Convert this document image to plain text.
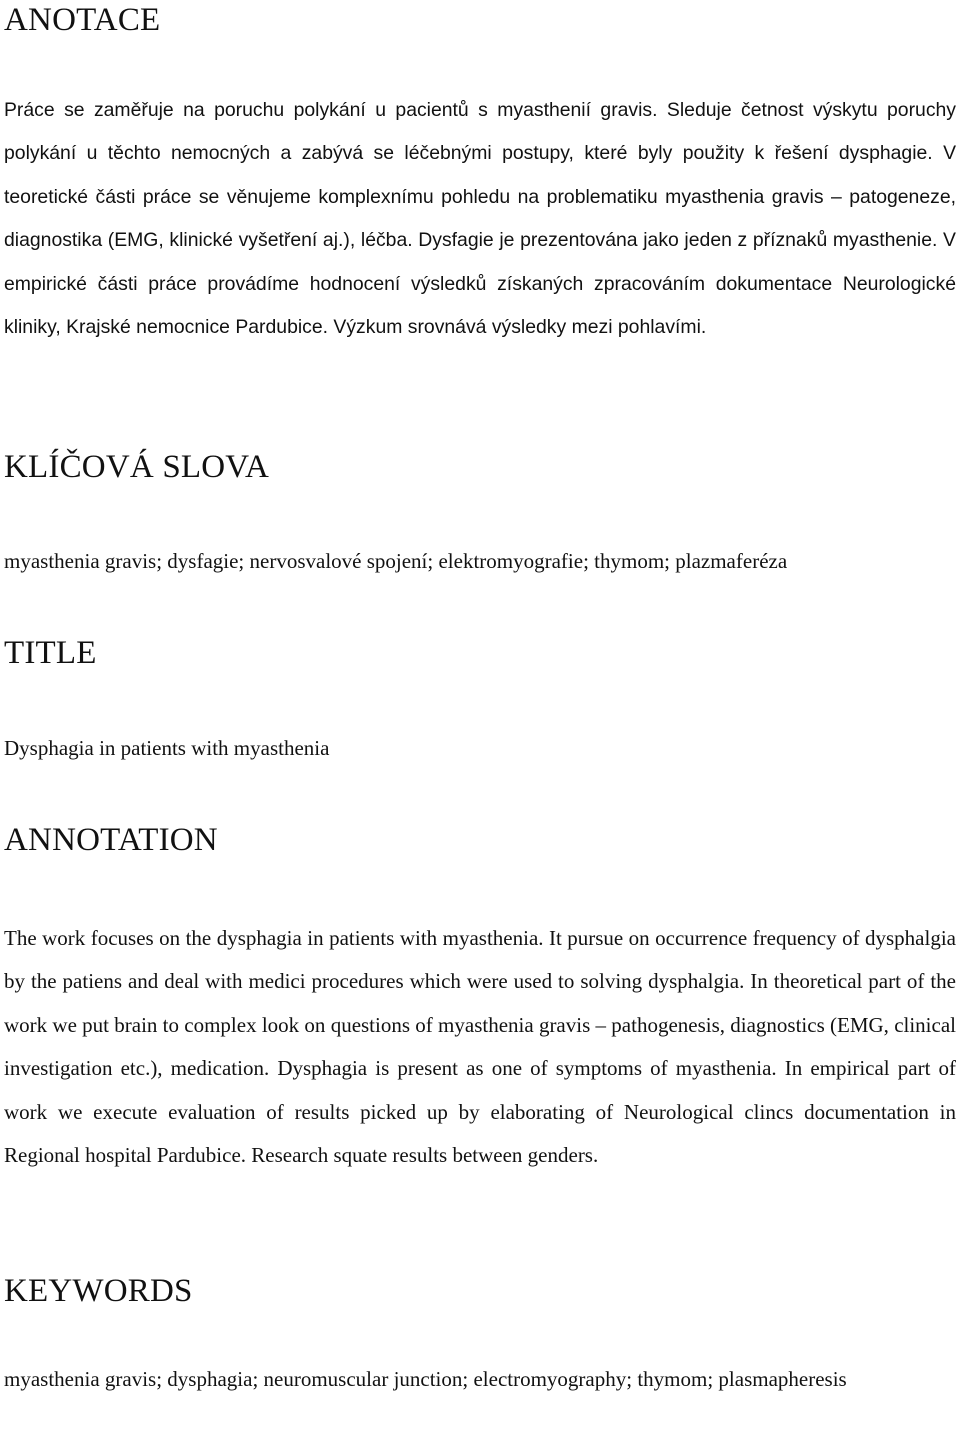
ANOTACE

Práce se zaměřuje na poruchu polykání u pacientů s myasthenií gravis. Sleduje četnost výskytu poruchy polykání u těchto nemocných a zabývá se léčebnými postupy, které byly použity k řešení dysphagie. V teoretické části práce se věnujeme komplexnímu pohledu na problematiku myasthenia gravis – patogeneze, diagnostika (EMG, klinické vyšetření aj.), léčba. Dysfagie je prezentována jako jeden z příznaků myasthenie. V empirické části práce provádíme hodnocení výsledků získaných zpracováním dokumentace Neurologické kliniky, Krajské nemocnice Pardubice. Výzkum srovnává výsledky mezi pohlavími.

KLÍČOVÁ SLOVA

myasthenia gravis; dysfagie; nervosvalové spojení; elektromyografie; thymom; plazmaferéza

TITLE

Dysphagia in patients with myasthenia

ANNOTATION

The work focuses on the dysphagia in patients with myasthenia. It pursue on occurrence frequency of dysphalgia by the patiens and deal with medici procedures which were used to solving dysphalgia. In theoretical part of the work we put brain to complex look on questions of myasthenia gravis – pathogenesis, diagnostics (EMG, clinical investigation etc.), medication. Dysphagia is present as one of symptoms of myasthenia. In empirical part of work we execute evaluation of results picked up by elaborating of Neurological clincs documentation in Regional hospital Pardubice. Research squate results between genders.

KEYWORDS

myasthenia gravis; dysphagia; neuromuscular junction; electromyography; thymom; plasmapheresis
